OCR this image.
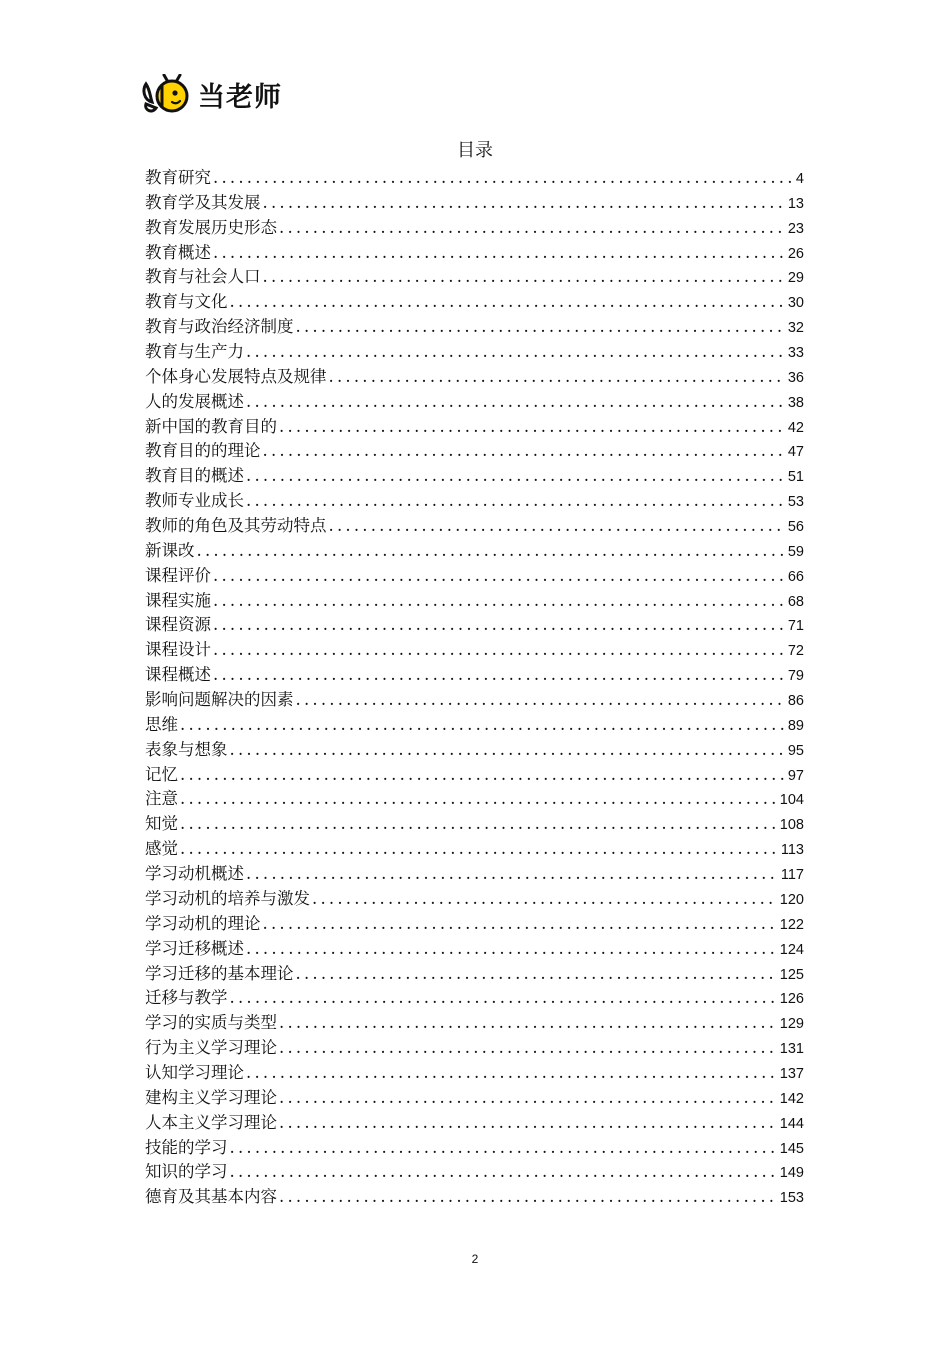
当老师
目录
教育研究 .....	4
教育学及其发展 .....	13
教育发展历史形态 .....	23
教育概述 .....	26
教育与社会人口 .....	29
教育与文化 .....	30
教育与政治经济制度 .....	32
教育与生产力 .....	33
个体身心发展特点及规律 .....	36
人的发展概述 .....	38
新中国的教育目的 .....	42
教育目的的理论 .....	47
教育目的概述 .....	51
教师专业成长 .....	53
教师的角色及其劳动特点 .....	56
新课改 .....	59
课程评价 .....	66
课程实施 .....	68
课程资源 .....	71
课程设计 .....	72
课程概述 .....	79
影响问题解决的因素 .....	86
思维 .....	89
表象与想象 .....	95
记忆 .....	97
注意 .....	104
知觉 .....	108
感觉 .....	113
学习动机概述 .....	117
学习动机的培养与激发 .....	120
学习动机的理论 .....	122
学习迁移概述 .....	124
学习迁移的基本理论 .....	125
迁移与教学 .....	126
学习的实质与类型 .....	129
行为主义学习理论 .....	131
认知学习理论 .....	137
建构主义学习理论 .....	142
人本主义学习理论 .....	144
技能的学习 .....	145
知识的学习 .....	149
德育及其基本内容 .....	153
2
